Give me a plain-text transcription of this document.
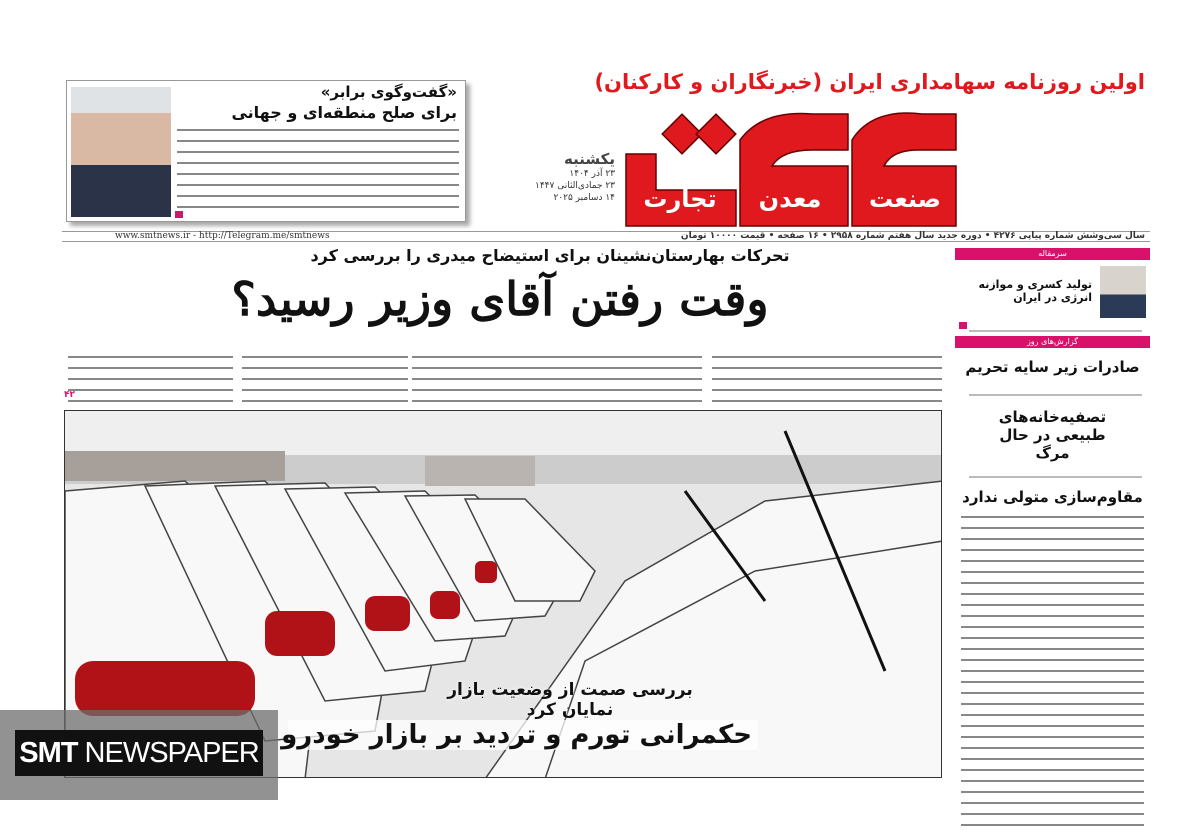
اولین روزنامه سهامداری ایران (خبرنگاران و کارکنان)
تجارت	معدن	صنعت
یکشنبه
۲۳ آذر ۱۴۰۴
۲۳ جمادی‌الثانی ۱۴۴۷
۱۴ دسامبر ۲۰۲۵
«گفت‌وگوی برابر»
برای صلح منطقه‌ای و جهانی
www.smtnews.ir - http://Telegram.me/smtnews	سال سی‌وشش شماره پیاپی ۴۲۷۶ • دوره جدید سال هفتم شماره ۲۹۵۸ • ۱۶ صفحه • قیمت ۱۰۰۰۰ تومان
تحرکات بهارستان‌نشینان برای استیضاح میدری را بررسی کرد
وقت رفتن آقای وزیر رسید؟
۴۲
بررسی صمت از وضعیت بازار نمایان کرد
حکمرانی تورم و تردید بر بازار خودرو
سرمقاله
تولید کسری و موازنه انرژی در ایران
گزارش‌های روز
صادرات زیر سایه تحریم
تصفیه‌خانه‌های طبیعی در حال مرگ
مقاوم‌سازی متولی ندارد
SMT NEWSPAPER
